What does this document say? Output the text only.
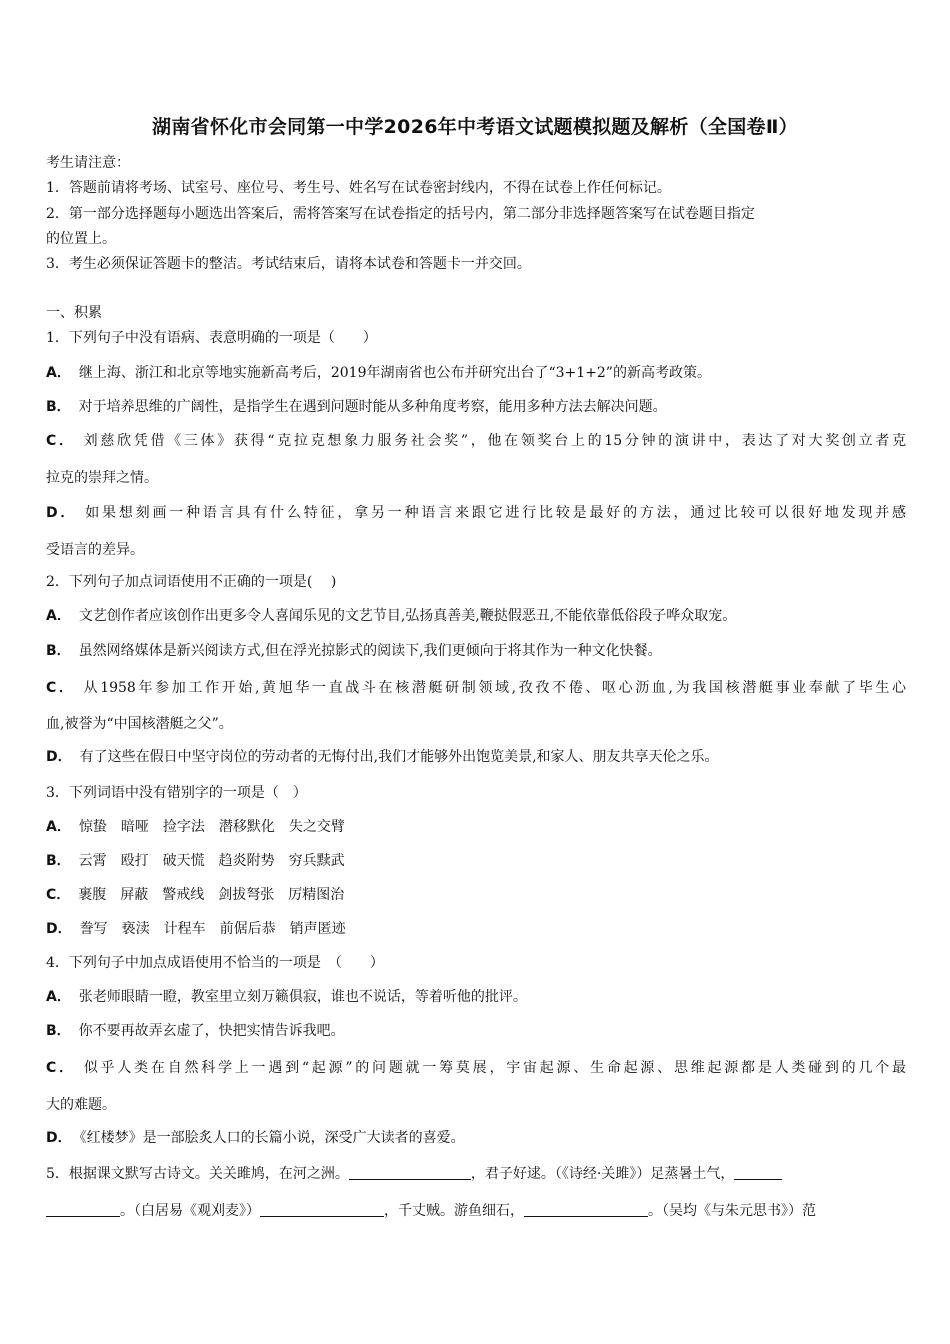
湖南省怀化市会同第一中学2026年中考语文试题模拟题及解析（全国卷Ⅱ）
考生请注意：
1．答题前请将考场、试室号、座位号、考生号、姓名写在试卷密封线内，不得在试卷上作任何标记。
2．第一部分选择题每小题选出答案后，需将答案写在试卷指定的括号内，第二部分非选择题答案写在试卷题目指定
的位置上。
3．考生必须保证答题卡的整洁。考试结束后，请将本试卷和答题卡一并交回。
一、积累
1．下列句子中没有语病、表意明确的一项是（　　）
A． 继上海、浙江和北京等地实施新高考后，2019年湖南省也公布并研究出台了“3+1+2”的新高考政策。
B． 对于培养思维的广阔性，是指学生在遇到问题时能从多种角度考察，能用多种方法去解决问题。
C． 刘慈欣凭借《三体》获得“克拉克想象力服务社会奖”，他在领奖台上的15分钟的演讲中，表达了对大奖创立者克
拉克的崇拜之情。
D． 如果想刻画一种语言具有什么特征，拿另一种语言来跟它进行比较是最好的方法，通过比较可以很好地发现并感
受语言的差异。
2．下列句子加点词语使用不正确的一项是(　 )
A． 文艺创作者应该创作出更多令人喜闻乐见的文艺节目,弘扬真善美,鞭挞假恶丑,不能依靠低俗段子哗众取宠。
B． 虽然网络媒体是新兴阅读方式,但在浮光掠影式的阅读下,我们更倾向于将其作为一种文化快餐。
C． 从1958年参加工作开始,黄旭华一直战斗在核潜艇研制领域,孜孜不倦、呕心沥血,为我国核潜艇事业奉献了毕生心
血,被誉为“中国核潜艇之父”。
D． 有了这些在假日中坚守岗位的劳动者的无悔付出,我们才能够外出饱览美景,和家人、朋友共享天伦之乐。
3．下列词语中没有错别字的一项是（　）
A． 惊蛰 暗哑 捡字法 潜移默化 失之交臂
B． 云霄 殴打 破天慌 趋炎附势 穷兵黩武
C． 裹腹 屏蔽 警戒线 剑拔弩张 厉精图治
D． 誊写 亵渎 计程车 前倨后恭 销声匿迹
4．下列句子中加点成语使用不恰当的一项是　（　　）
A． 张老师眼睛一瞪，教室里立刻万籁俱寂，谁也不说话，等着听他的批评。
B． 你不要再故弄玄虚了，快把实情告诉我吧。
C． 似乎人类在自然科学上一遇到“起源”的问题就一筹莫展，宇宙起源、生命起源、思维起源都是人类碰到的几个最
大的难题。
D． 《红楼梦》是一部脍炙人口的长篇小说，深受广大读者的喜爱。
5．根据课文默写古诗文。关关雎鸠，在河之洲。	，君子好逑。（《诗经·关雎》）足蒸暑土气，
。（白居易《观刈麦》）	，千丈贼。游鱼细石，	。（吴均《与朱元思书》）范
